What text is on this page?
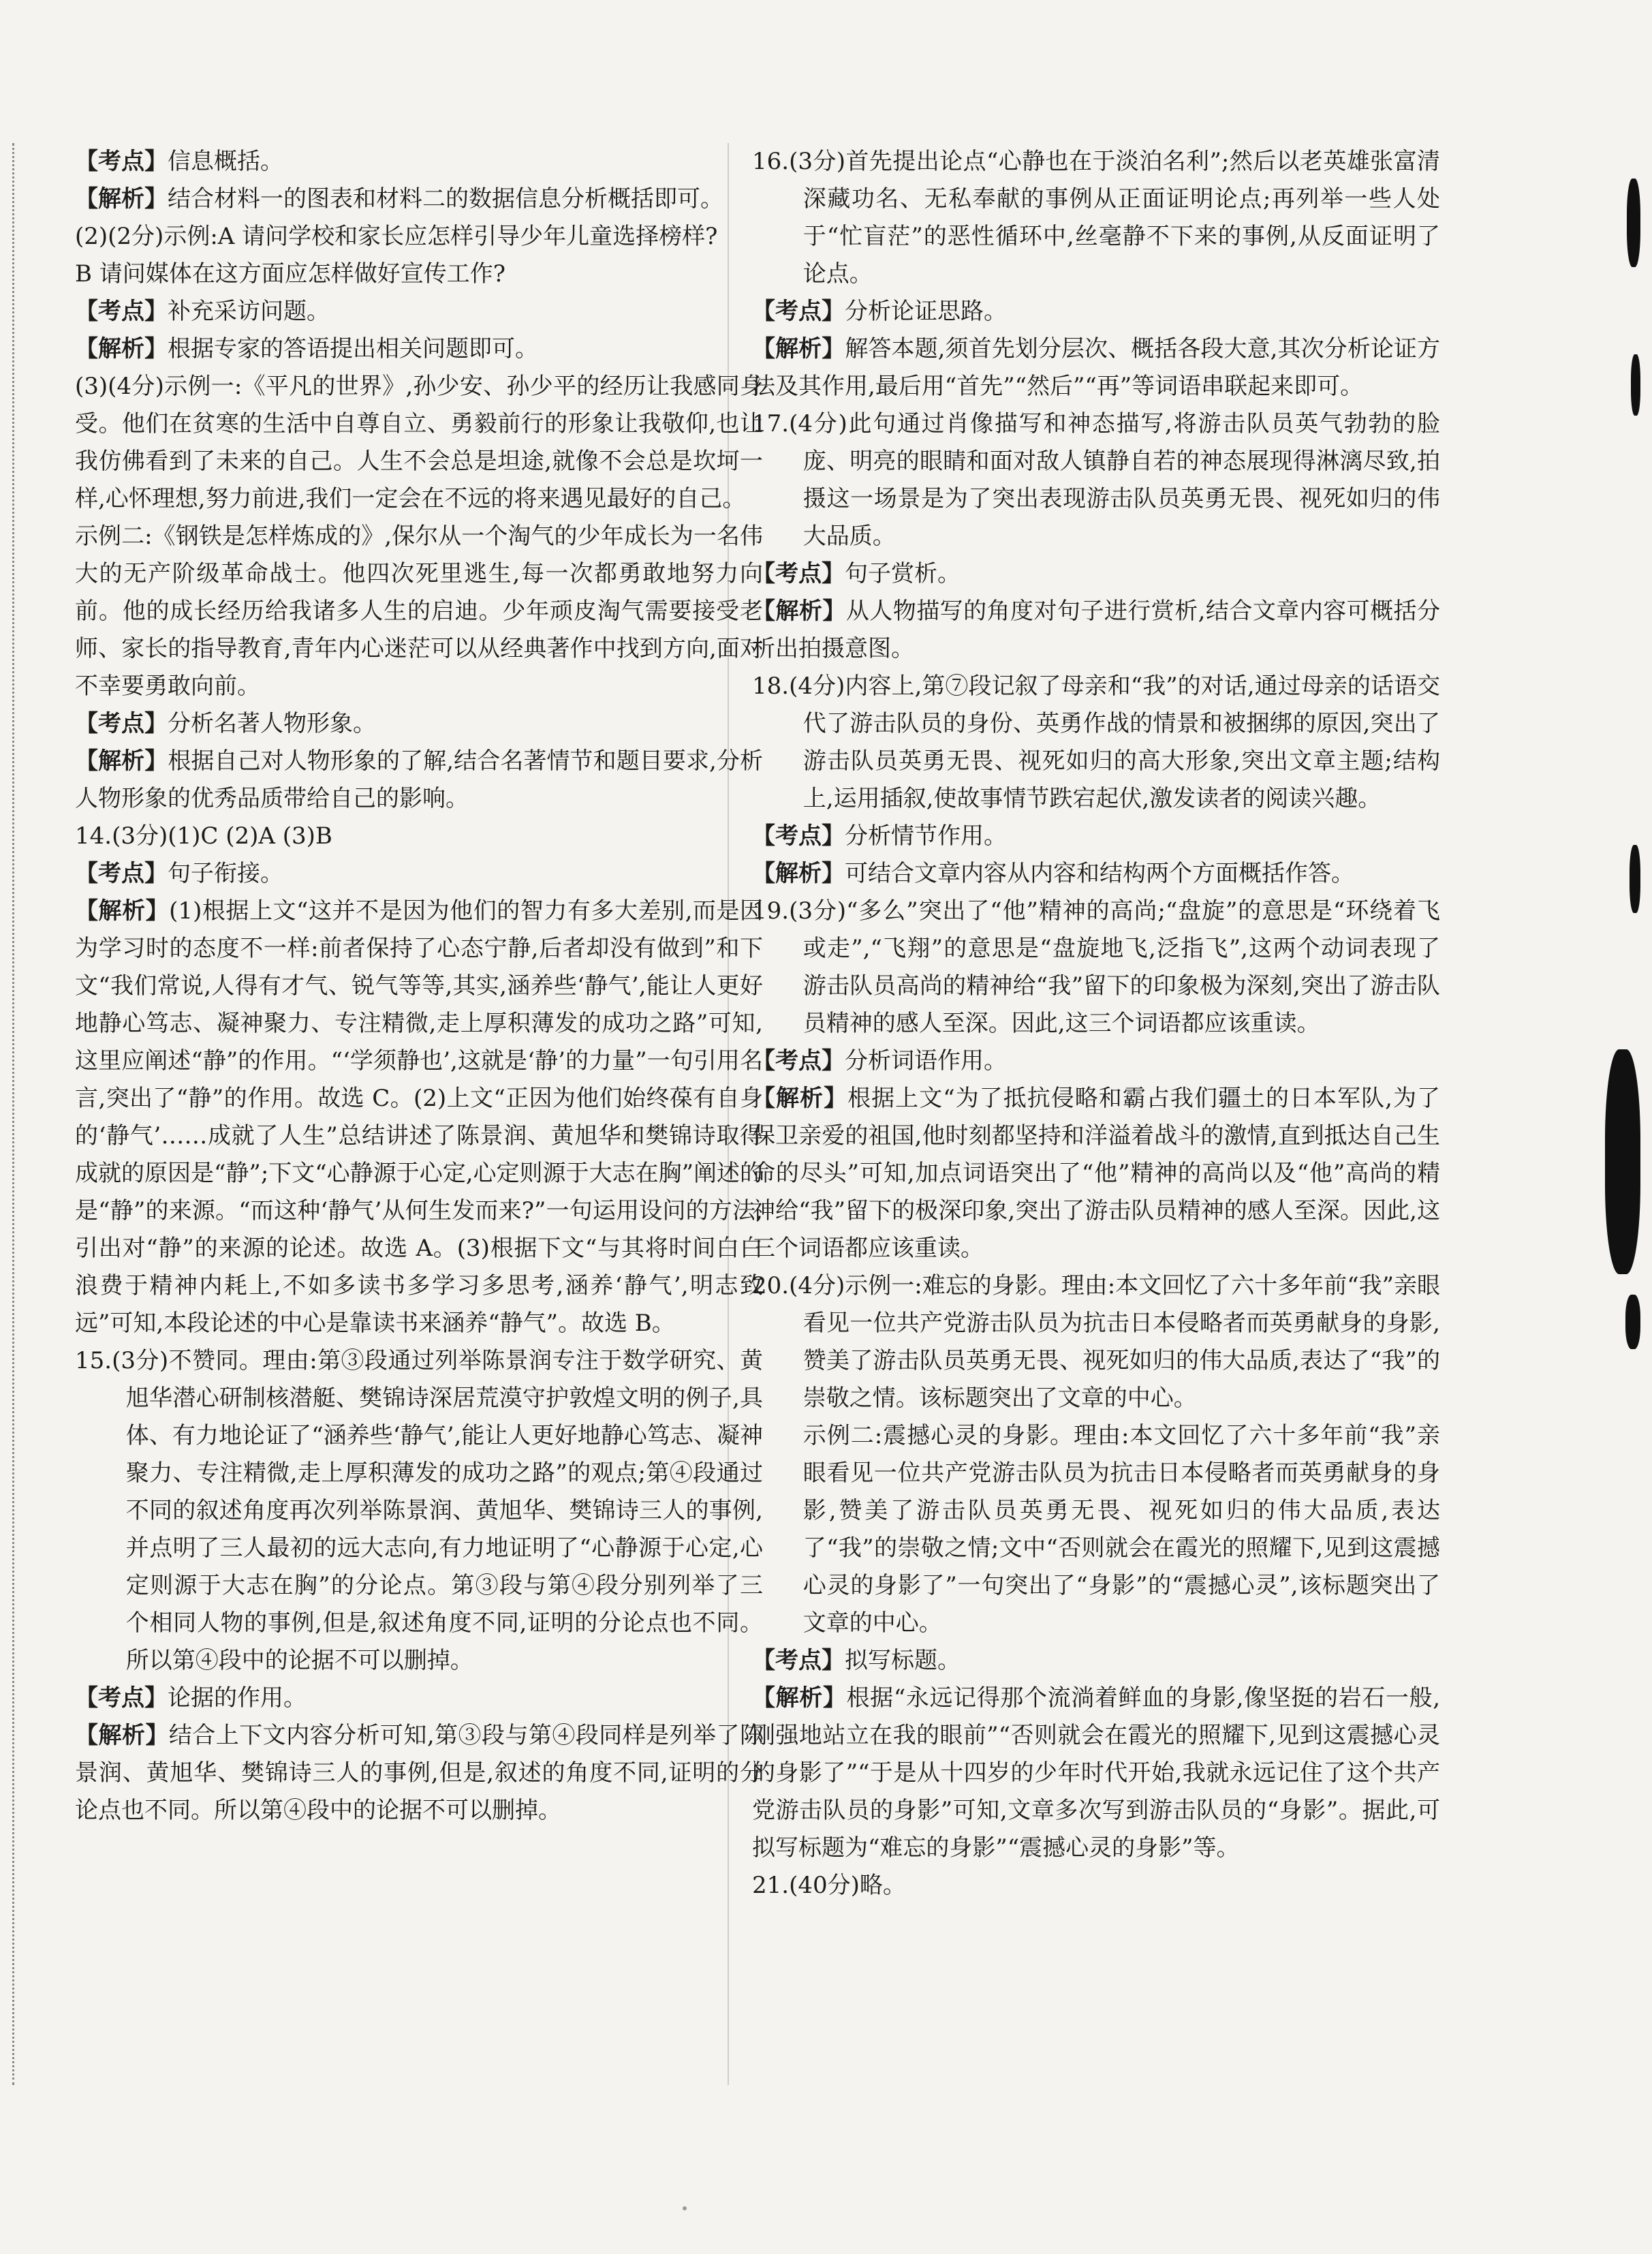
【考点】信息概括。

【解析】结合材料一的图表和材料二的数据信息分析概括即可。

(2)(2分)示例:A 请问学校和家长应怎样引导少年儿童选择榜样?

B 请问媒体在这方面应怎样做好宣传工作?

【考点】补充采访问题。

【解析】根据专家的答语提出相关问题即可。

(3)(4分)示例一:《平凡的世界》,孙少安、孙少平的经历让我感同身受。他们在贫寒的生活中自尊自立、勇毅前行的形象让我敬仰,也让我仿佛看到了未来的自己。人生不会总是坦途,就像不会总是坎坷一样,心怀理想,努力前进,我们一定会在不远的将来遇见最好的自己。

示例二:《钢铁是怎样炼成的》,保尔从一个淘气的少年成长为一名伟大的无产阶级革命战士。他四次死里逃生,每一次都勇敢地努力向前。他的成长经历给我诸多人生的启迪。少年顽皮淘气需要接受老师、家长的指导教育,青年内心迷茫可以从经典著作中找到方向,面对不幸要勇敢向前。

【考点】分析名著人物形象。

【解析】根据自己对人物形象的了解,结合名著情节和题目要求,分析人物形象的优秀品质带给自己的影响。

14.(3分)(1)C (2)A (3)B

【考点】句子衔接。

【解析】(1)根据上文“这并不是因为他们的智力有多大差别,而是因为学习时的态度不一样:前者保持了心态宁静,后者却没有做到”和下文“我们常说,人得有才气、锐气等等,其实,涵养些‘静气’,能让人更好地静心笃志、凝神聚力、专注精微,走上厚积薄发的成功之路”可知,这里应阐述“静”的作用。“‘学须静也’,这就是‘静’的力量”一句引用名言,突出了“静”的作用。故选 C。(2)上文“正因为他们始终葆有自身的‘静气’……成就了人生”总结讲述了陈景润、黄旭华和樊锦诗取得成就的原因是“静”;下文“心静源于心定,心定则源于大志在胸”阐述的是“静”的来源。“而这种‘静气’从何生发而来?”一句运用设问的方法,引出对“静”的来源的论述。故选 A。(3)根据下文“与其将时间白白浪费于精神内耗上,不如多读书多学习多思考,涵养‘静气’,明志致远”可知,本段论述的中心是靠读书来涵养“静气”。故选 B。

15.(3分)不赞同。理由:第③段通过列举陈景润专注于数学研究、黄旭华潜心研制核潜艇、樊锦诗深居荒漠守护敦煌文明的例子,具体、有力地论证了“涵养些‘静气’,能让人更好地静心笃志、凝神聚力、专注精微,走上厚积薄发的成功之路”的观点;第④段通过不同的叙述角度再次列举陈景润、黄旭华、樊锦诗三人的事例,并点明了三人最初的远大志向,有力地证明了“心静源于心定,心定则源于大志在胸”的分论点。第③段与第④段分别列举了三个相同人物的事例,但是,叙述角度不同,证明的分论点也不同。所以第④段中的论据不可以删掉。

【考点】论据的作用。

【解析】结合上下文内容分析可知,第③段与第④段同样是列举了陈景润、黄旭华、樊锦诗三人的事例,但是,叙述的角度不同,证明的分论点也不同。所以第④段中的论据不可以删掉。

16.(3分)首先提出论点“心静也在于淡泊名利”;然后以老英雄张富清深藏功名、无私奉献的事例从正面证明论点;再列举一些人处于“忙盲茫”的恶性循环中,丝毫静不下来的事例,从反面证明了论点。

【考点】分析论证思路。

【解析】解答本题,须首先划分层次、概括各段大意,其次分析论证方法及其作用,最后用“首先”“然后”“再”等词语串联起来即可。

17.(4分)此句通过肖像描写和神态描写,将游击队员英气勃勃的脸庞、明亮的眼睛和面对敌人镇静自若的神态展现得淋漓尽致,拍摄这一场景是为了突出表现游击队员英勇无畏、视死如归的伟大品质。

【考点】句子赏析。

【解析】从人物描写的角度对句子进行赏析,结合文章内容可概括分析出拍摄意图。

18.(4分)内容上,第⑦段记叙了母亲和“我”的对话,通过母亲的话语交代了游击队员的身份、英勇作战的情景和被捆绑的原因,突出了游击队员英勇无畏、视死如归的高大形象,突出文章主题;结构上,运用插叙,使故事情节跌宕起伏,激发读者的阅读兴趣。

【考点】分析情节作用。

【解析】可结合文章内容从内容和结构两个方面概括作答。

19.(3分)“多么”突出了“他”精神的高尚;“盘旋”的意思是“环绕着飞或走”,“飞翔”的意思是“盘旋地飞,泛指飞”,这两个动词表现了游击队员高尚的精神给“我”留下的印象极为深刻,突出了游击队员精神的感人至深。因此,这三个词语都应该重读。

【考点】分析词语作用。

【解析】根据上文“为了抵抗侵略和霸占我们疆土的日本军队,为了保卫亲爱的祖国,他时刻都坚持和洋溢着战斗的激情,直到抵达自己生命的尽头”可知,加点词语突出了“他”精神的高尚以及“他”高尚的精神给“我”留下的极深印象,突出了游击队员精神的感人至深。因此,这三个词语都应该重读。

20.(4分)示例一:难忘的身影。理由:本文回忆了六十多年前“我”亲眼看见一位共产党游击队员为抗击日本侵略者而英勇献身的身影,赞美了游击队员英勇无畏、视死如归的伟大品质,表达了“我”的崇敬之情。该标题突出了文章的中心。

示例二:震撼心灵的身影。理由:本文回忆了六十多年前“我”亲眼看见一位共产党游击队员为抗击日本侵略者而英勇献身的身影,赞美了游击队员英勇无畏、视死如归的伟大品质,表达了“我”的崇敬之情;文中“否则就会在霞光的照耀下,见到这震撼心灵的身影了”一句突出了“身影”的“震撼心灵”,该标题突出了文章的中心。

【考点】拟写标题。

【解析】根据“永远记得那个流淌着鲜血的身影,像坚挺的岩石一般,刚强地站立在我的眼前”“否则就会在霞光的照耀下,见到这震撼心灵的身影了”“于是从十四岁的少年时代开始,我就永远记住了这个共产党游击队员的身影”可知,文章多次写到游击队员的“身影”。据此,可拟写标题为“难忘的身影”“震撼心灵的身影”等。

21.(40分)略。
